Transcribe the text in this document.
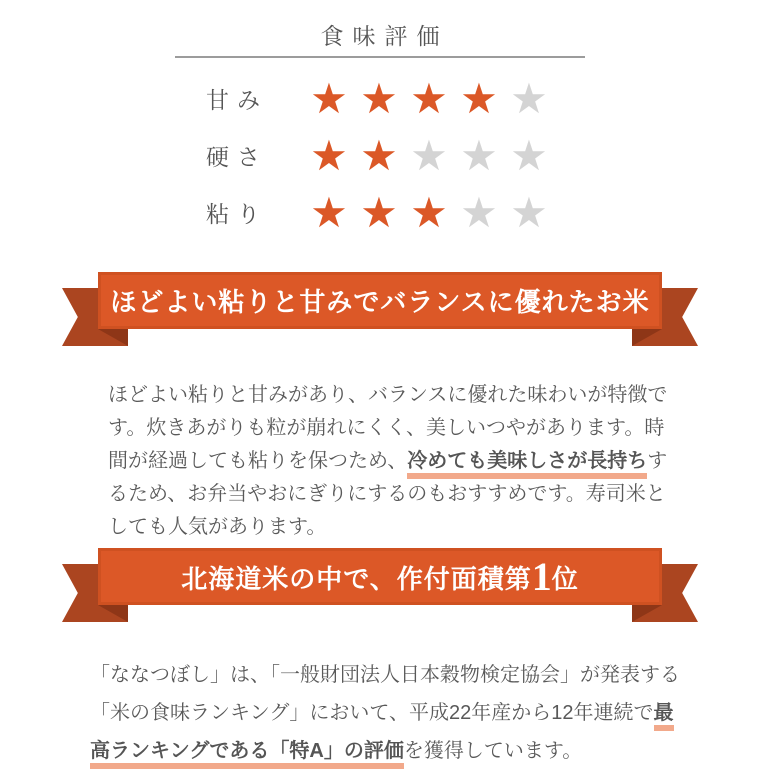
食味評価
甘み	★ ★ ★ ★ ★
硬さ	★ ★ ★ ★ ★
粘り	★ ★ ★ ★ ★
ほどよい粘りと甘みでバランスに優れたお米

ほどよい粘りと甘みがあり、バランスに優れた味わいが特徴です。炊きあがりも粒が崩れにくく、美しいつやがあります。時間が経過しても粘りを保つため、冷めても美味しさが長持ちするため、お弁当やおにぎりにするのもおすすめです。寿司米としても人気があります。

北海道米の中で、作付面積第1位

「ななつぼし」は、「一般財団法人日本穀物検定協会」が発表する「米の食味ランキング」において、平成22年産から12年連続で最高ランキングである「特A」の評価を獲得しています。
